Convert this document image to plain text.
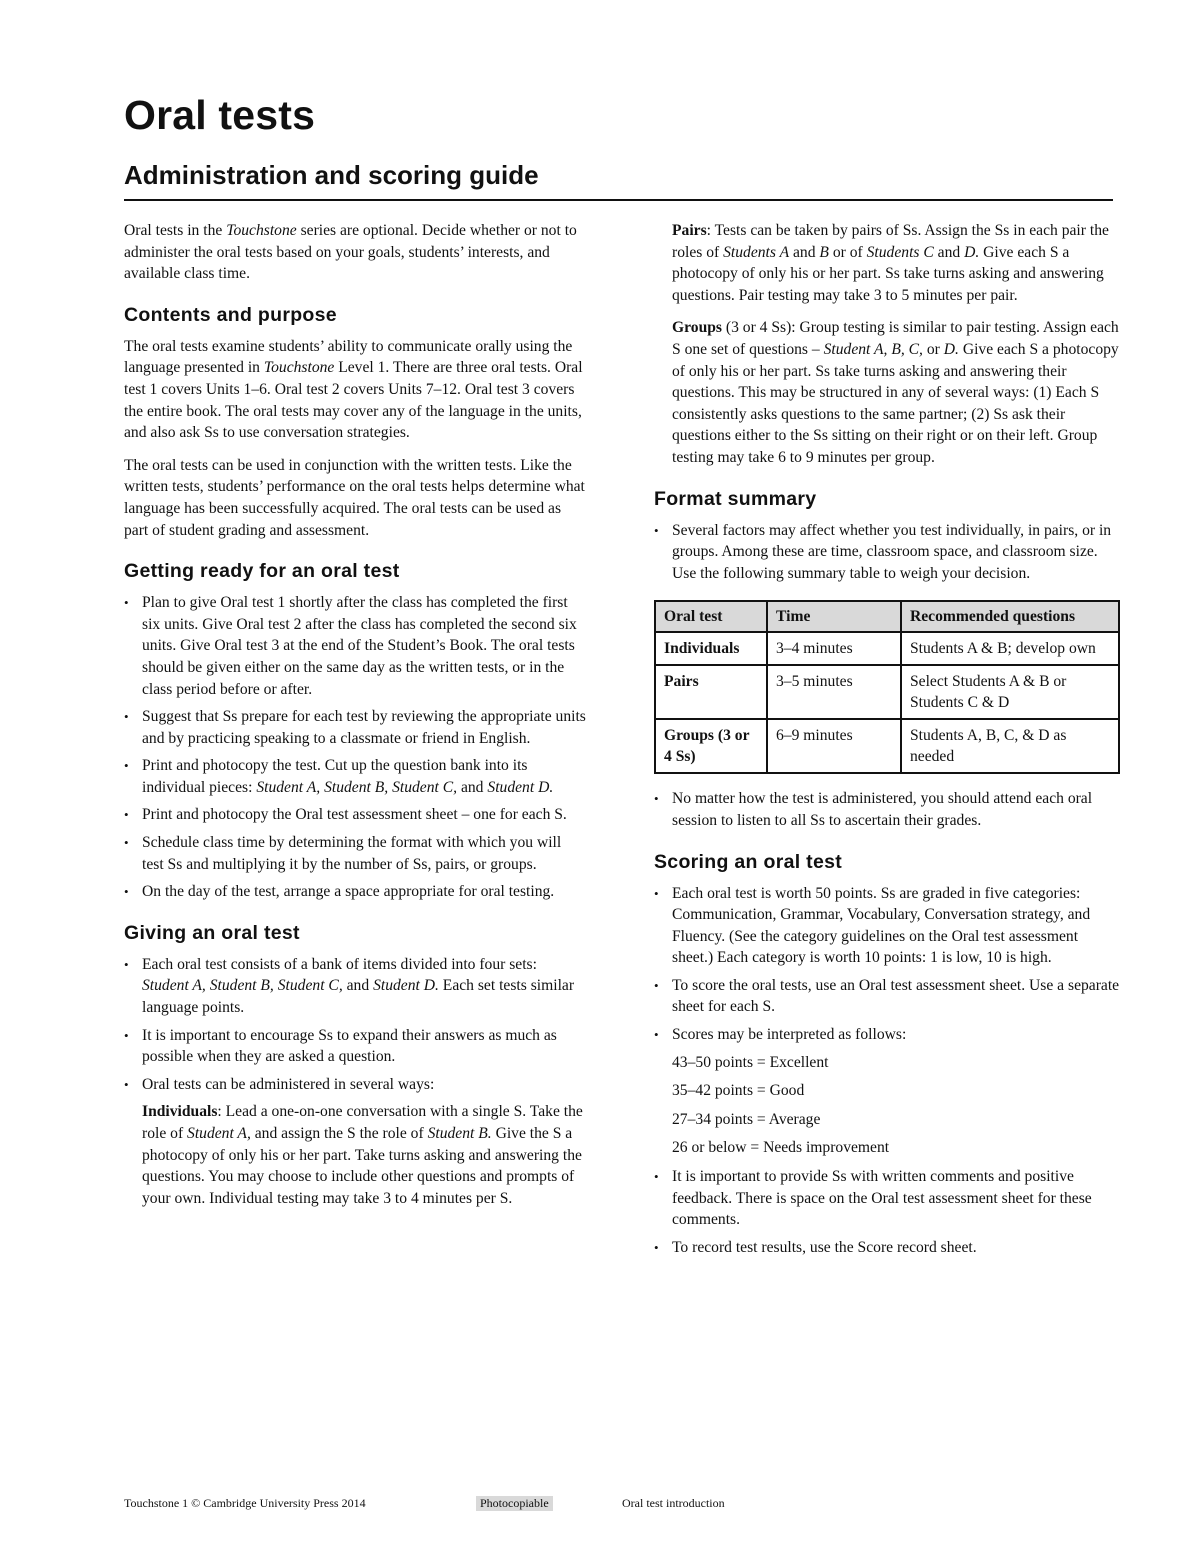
Oral tests
Administration and scoring guide

Oral tests in the Touchstone series are optional. Decide whether or not to administer the oral tests based on your goals, students’ interests, and available class time.

Contents and purpose

The oral tests examine students’ ability to communicate orally using the language presented in Touchstone Level 1. There are three oral tests. Oral test 1 covers Units 1–6. Oral test 2 covers Units 7–12. Oral test 3 covers the entire book. The oral tests may cover any of the language in the units, and also ask Ss to use conversation strategies.

The oral tests can be used in conjunction with the written tests. Like the written tests, students’ performance on the oral tests helps determine what language has been successfully acquired. The oral tests can be used as part of student grading and assessment.

Getting ready for an oral test
• Plan to give Oral test 1 shortly after the class has completed the first six units. Give Oral test 2 after the class has completed the second six units. Give Oral test 3 at the end of the Student’s Book. The oral tests should be given either on the same day as the written tests, or in the class period before or after.
• Suggest that Ss prepare for each test by reviewing the appropriate units and by practicing speaking to a classmate or friend in English.
• Print and photocopy the test. Cut up the question bank into its individual pieces: Student A, Student B, Student C, and Student D.
• Print and photocopy the Oral test assessment sheet – one for each S.
• Schedule class time by determining the format with which you will test Ss and multiplying it by the number of Ss, pairs, or groups.
• On the day of the test, arrange a space appropriate for oral testing.
Giving an oral test
• Each oral test consists of a bank of items divided into four sets: Student A, Student B, Student C, and Student D. Each set tests similar language points.
• It is important to encourage Ss to expand their answers as much as possible when they are asked a question.
• Oral tests can be administered in several ways:

Individuals: Lead a one-on-one conversation with a single S. Take the role of Student A, and assign the S the role of Student B. Give the S a photocopy of only his or her part. Take turns asking and answering the questions. You may choose to include other questions and prompts of your own. Individual testing may take 3 to 4 minutes per S.

Pairs: Tests can be taken by pairs of Ss. Assign the Ss in each pair the roles of Students A and B or of Students C and D. Give each S a photocopy of only his or her part. Ss take turns asking and answering questions. Pair testing may take 3 to 5 minutes per pair.

Groups (3 or 4 Ss): Group testing is similar to pair testing. Assign each S one set of questions – Student A, B, C, or D. Give each S a photocopy of only his or her part. Ss take turns asking and answering their questions. This may be structured in any of several ways: (1) Each S consistently asks questions to the same partner; (2) Ss ask their questions either to the Ss sitting on their right or on their left. Group testing may take 6 to 9 minutes per group.

Format summary
• Several factors may affect whether you test individually, in pairs, or in groups. Among these are time, classroom space, and classroom size. Use the following summary table to weigh your decision.
Oral test	Time	Recommended questions
Individuals	3–4 minutes	Students A & B; develop own
Pairs	3–5 minutes	Select Students A & B or Students C & D
Groups (3 or 4 Ss)	6–9 minutes	Students A, B, C, & D as needed
• No matter how the test is administered, you should attend each oral session to listen to all Ss to ascertain their grades.
Scoring an oral test
• Each oral test is worth 50 points. Ss are graded in five categories: Communication, Grammar, Vocabulary, Conversation strategy, and Fluency. (See the category guidelines on the Oral test assessment sheet.) Each category is worth 10 points: 1 is low, 10 is high.
• To score the oral tests, use an Oral test assessment sheet. Use a separate sheet for each S.
• Scores may be interpreted as follows:
43–50 points = Excellent
35–42 points = Good
27–34 points = Average
26 or below = Needs improvement
• It is important to provide Ss with written comments and positive feedback. There is space on the Oral test assessment sheet for these comments.
• To record test results, use the Score record sheet.
Touchstone 1 © Cambridge University Press 2014	Photocopiable	Oral test introduction
